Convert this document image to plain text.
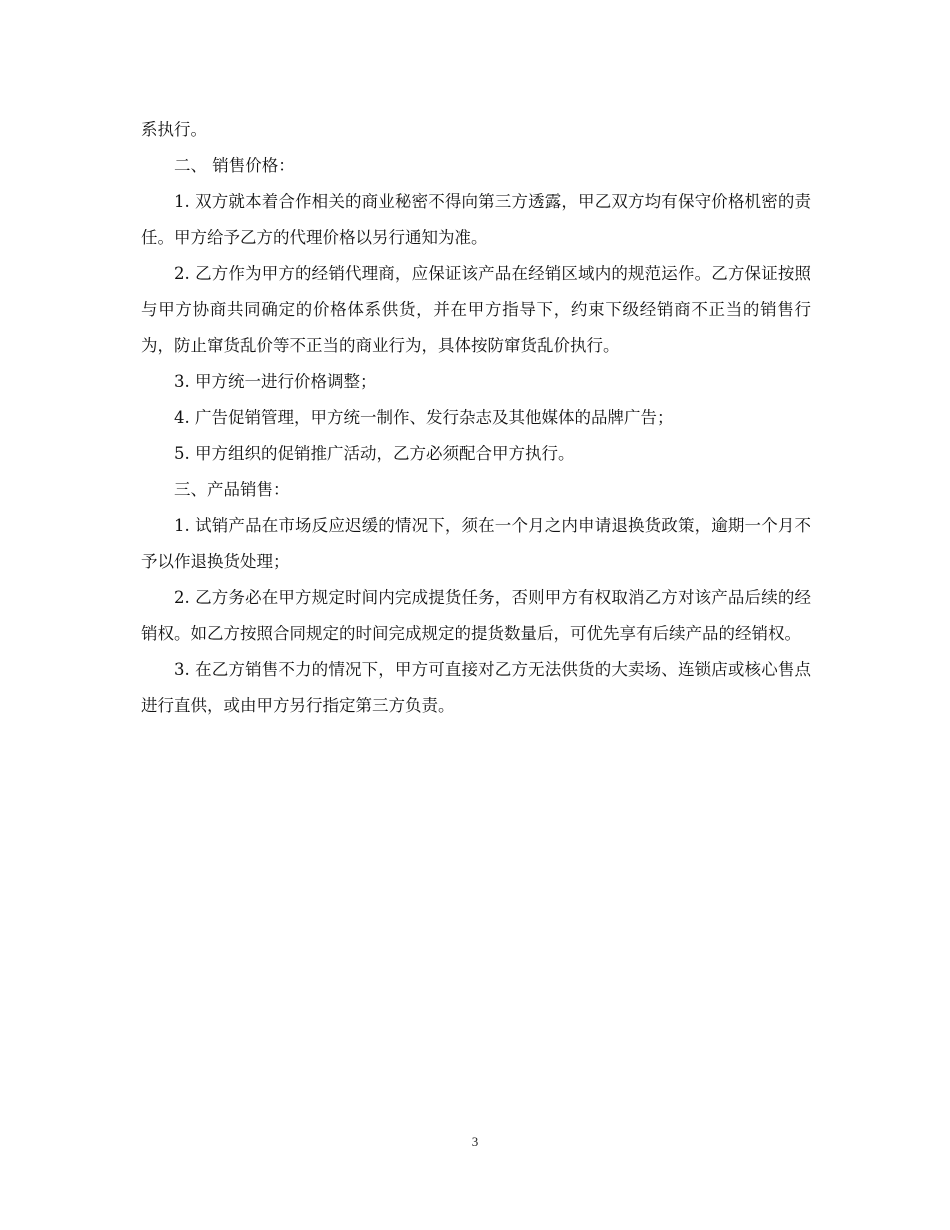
系执行。

二、 销售价格：

1. 双方就本着合作相关的商业秘密不得向第三方透露，甲乙双方均有保守价格机密的责任。甲方给予乙方的代理价格以另行通知为准。

2. 乙方作为甲方的经销代理商，应保证该产品在经销区域内的规范运作。乙方保证按照与甲方协商共同确定的价格体系供货，并在甲方指导下，约束下级经销商不正当的销售行为，防止窜货乱价等不正当的商业行为，具体按防窜货乱价执行。

3. 甲方统一进行价格调整；

4. 广告促销管理，甲方统一制作、发行杂志及其他媒体的品牌广告；

5. 甲方组织的促销推广活动，乙方必须配合甲方执行。

三、产品销售：

1. 试销产品在市场反应迟缓的情况下，须在一个月之内申请退换货政策，逾期一个月不予以作退换货处理；

2. 乙方务必在甲方规定时间内完成提货任务，否则甲方有权取消乙方对该产品后续的经销权。如乙方按照合同规定的时间完成规定的提货数量后，可优先享有后续产品的经销权。

3. 在乙方销售不力的情况下，甲方可直接对乙方无法供货的大卖场、连锁店或核心售点进行直供，或由甲方另行指定第三方负责。

3
